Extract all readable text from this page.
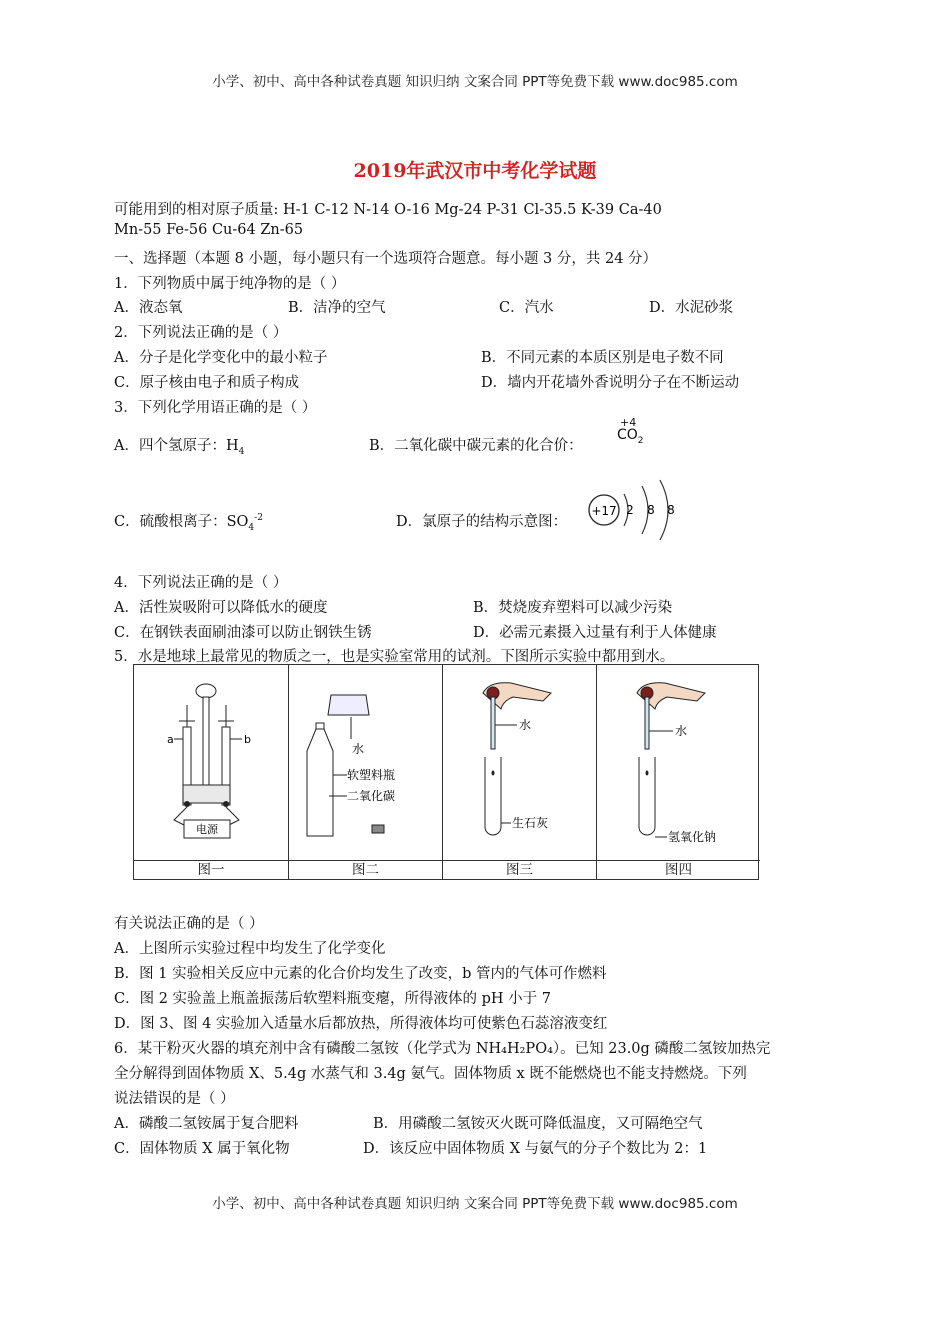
小学、初中、高中各种试卷真题 知识归纳 文案合同 PPT等免费下载 www.doc985.com
2019年武汉市中考化学试题
可能用到的相对原子质量: H-1 C-12 N-14 O-16 Mg-24 P-31 Cl-35.5 K-39 Ca-40
Mn-55 Fe-56 Cu-64 Zn-65
一、选择题（本题 8 小题，每小题只有一个选项符合题意。每小题 3 分，共 24 分）
1．下列物质中属于纯净物的是（ ）
A．液态氧	B．洁净的空气	C．汽水	D．水泥砂浆
2．下列说法正确的是（ ）
A．分子是化学变化中的最小粒子	B．不同元素的本质区别是电子数不同
C．原子核由电子和质子构成	D．墙内开花墙外香说明分子在不断运动
3．下列化学用语正确的是（ ）
A．四个氢原子：$H_4$	B．二氧化碳中碳元素的化合价：
+4
$CO_2$
C．硫酸根离子：$SO_4^{-2}$	D．氯原子的结构示意图：
+17 2 8 8
4．下列说法正确的是（ ）
A．活性炭吸附可以降低水的硬度	B．焚烧废弃塑料可以减少污染
C．在钢铁表面刷油漆可以防止钢铁生锈	D．必需元素摄入过量有利于人体健康
5．水是地球上最常见的物质之一，也是实验室常用的试剂。下图所示实验中都用到水。
a	b
电源
图一
水
软塑料瓶
二氧化碳
图二
水
生石灰
图三
水
氢氧化钠
图四
有关说法正确的是（ ）
A．上图所示实验过程中均发生了化学变化
B．图 1 实验相关反应中元素的化合价均发生了改变，b 管内的气体可作燃料
C．图 2 实验盖上瓶盖振荡后软塑料瓶变瘪，所得液体的 pH 小于 7
D．图 3、图 4 实验加入适量水后都放热，所得液体均可使紫色石蕊溶液变红
6．某干粉灭火器的填充剂中含有磷酸二氢铵（化学式为 NH₄H₂PO₄）。已知 23.0g 磷酸二氢铵加热完
全分解得到固体物质 X、5.4g 水蒸气和 3.4g 氨气。固体物质 x 既不能燃烧也不能支持燃烧。下列
说法错误的是（ ）
A．磷酸二氢铵属于复合肥料	B．用磷酸二氢铵灭火既可降低温度，又可隔绝空气
C．固体物质 X 属于氧化物	D．该反应中固体物质 X 与氨气的分子个数比为 2：1
小学、初中、高中各种试卷真题 知识归纳 文案合同 PPT等免费下载 www.doc985.com
